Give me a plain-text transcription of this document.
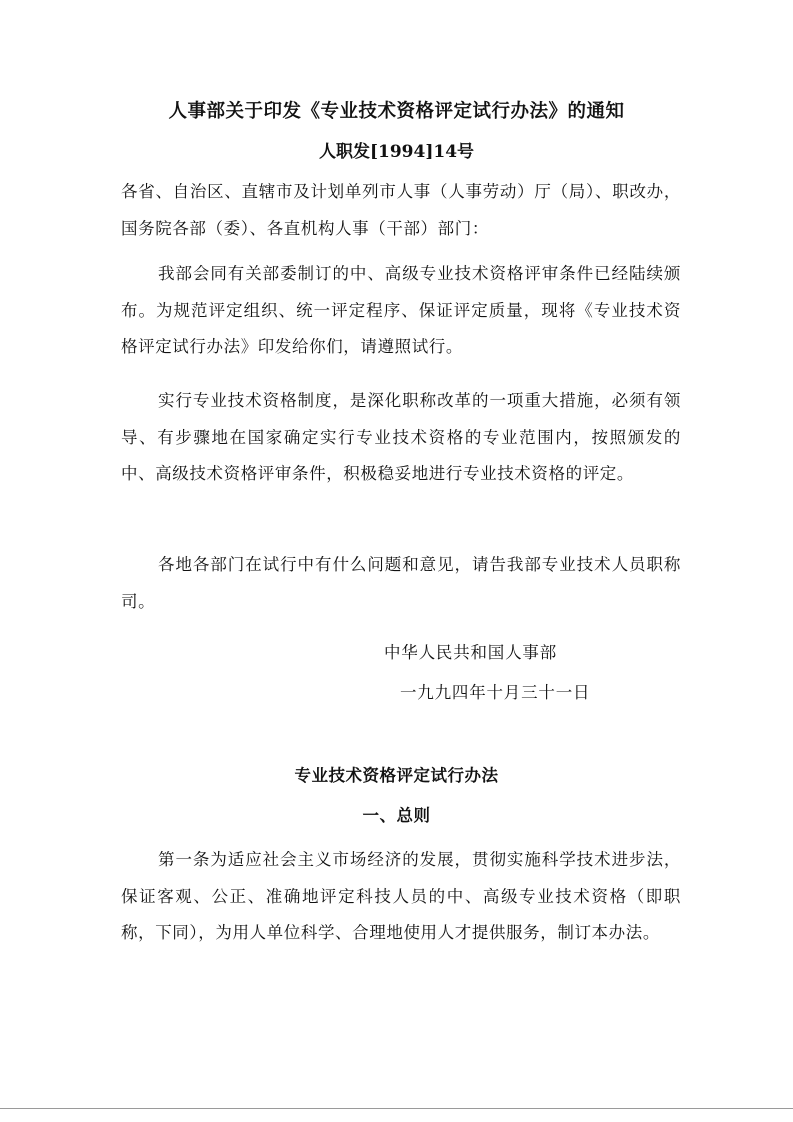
人事部关于印发《专业技术资格评定试行办法》的通知
人职发[1994]14号

各省、自治区、直辖市及计划单列市人事（人事劳动）厅（局）、职改办，国务院各部（委）、各直机构人事（干部）部门：

我部会同有关部委制订的中、高级专业技术资格评审条件已经陆续颁布。为规范评定组织、统一评定程序、保证评定质量，现将《专业技术资格评定试行办法》印发给你们，请遵照试行。

实行专业技术资格制度，是深化职称改革的一项重大措施，必须有领导、有步骤地在国家确定实行专业技术资格的专业范围内，按照颁发的中、高级技术资格评审条件，积极稳妥地进行专业技术资格的评定。

各地各部门在试行中有什么问题和意见，请告我部专业技术人员职称司。

中华人民共和国人事部
一九九四年十月三十一日
专业技术资格评定试行办法
一、总则

第一条为适应社会主义市场经济的发展，贯彻实施科学技术进步法，保证客观、公正、准确地评定科技人员的中、高级专业技术资格（即职称，下同），为用人单位科学、合理地使用人才提供服务，制订本办法。
